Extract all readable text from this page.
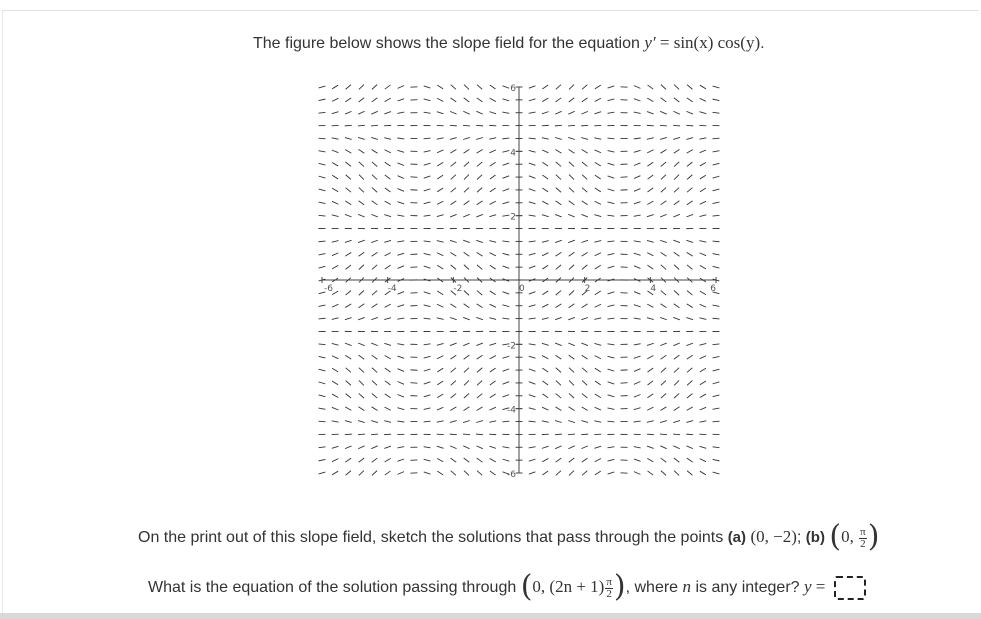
The figure below shows the slope field for the equation y′ = sin(x) cos(y).
-6	-4	-2	0	2	4	6
6
4
2
-2
-4
-6
On the print out of this slope field, sketch the solutions that pass through the points (a) (0, −2); (b) (0, $\frac{\pi}{2}$ )
What is the equation of the solution passing through (0, $(2n + 1) \frac{\pi}{2}$ ), where n is any integer? y =
